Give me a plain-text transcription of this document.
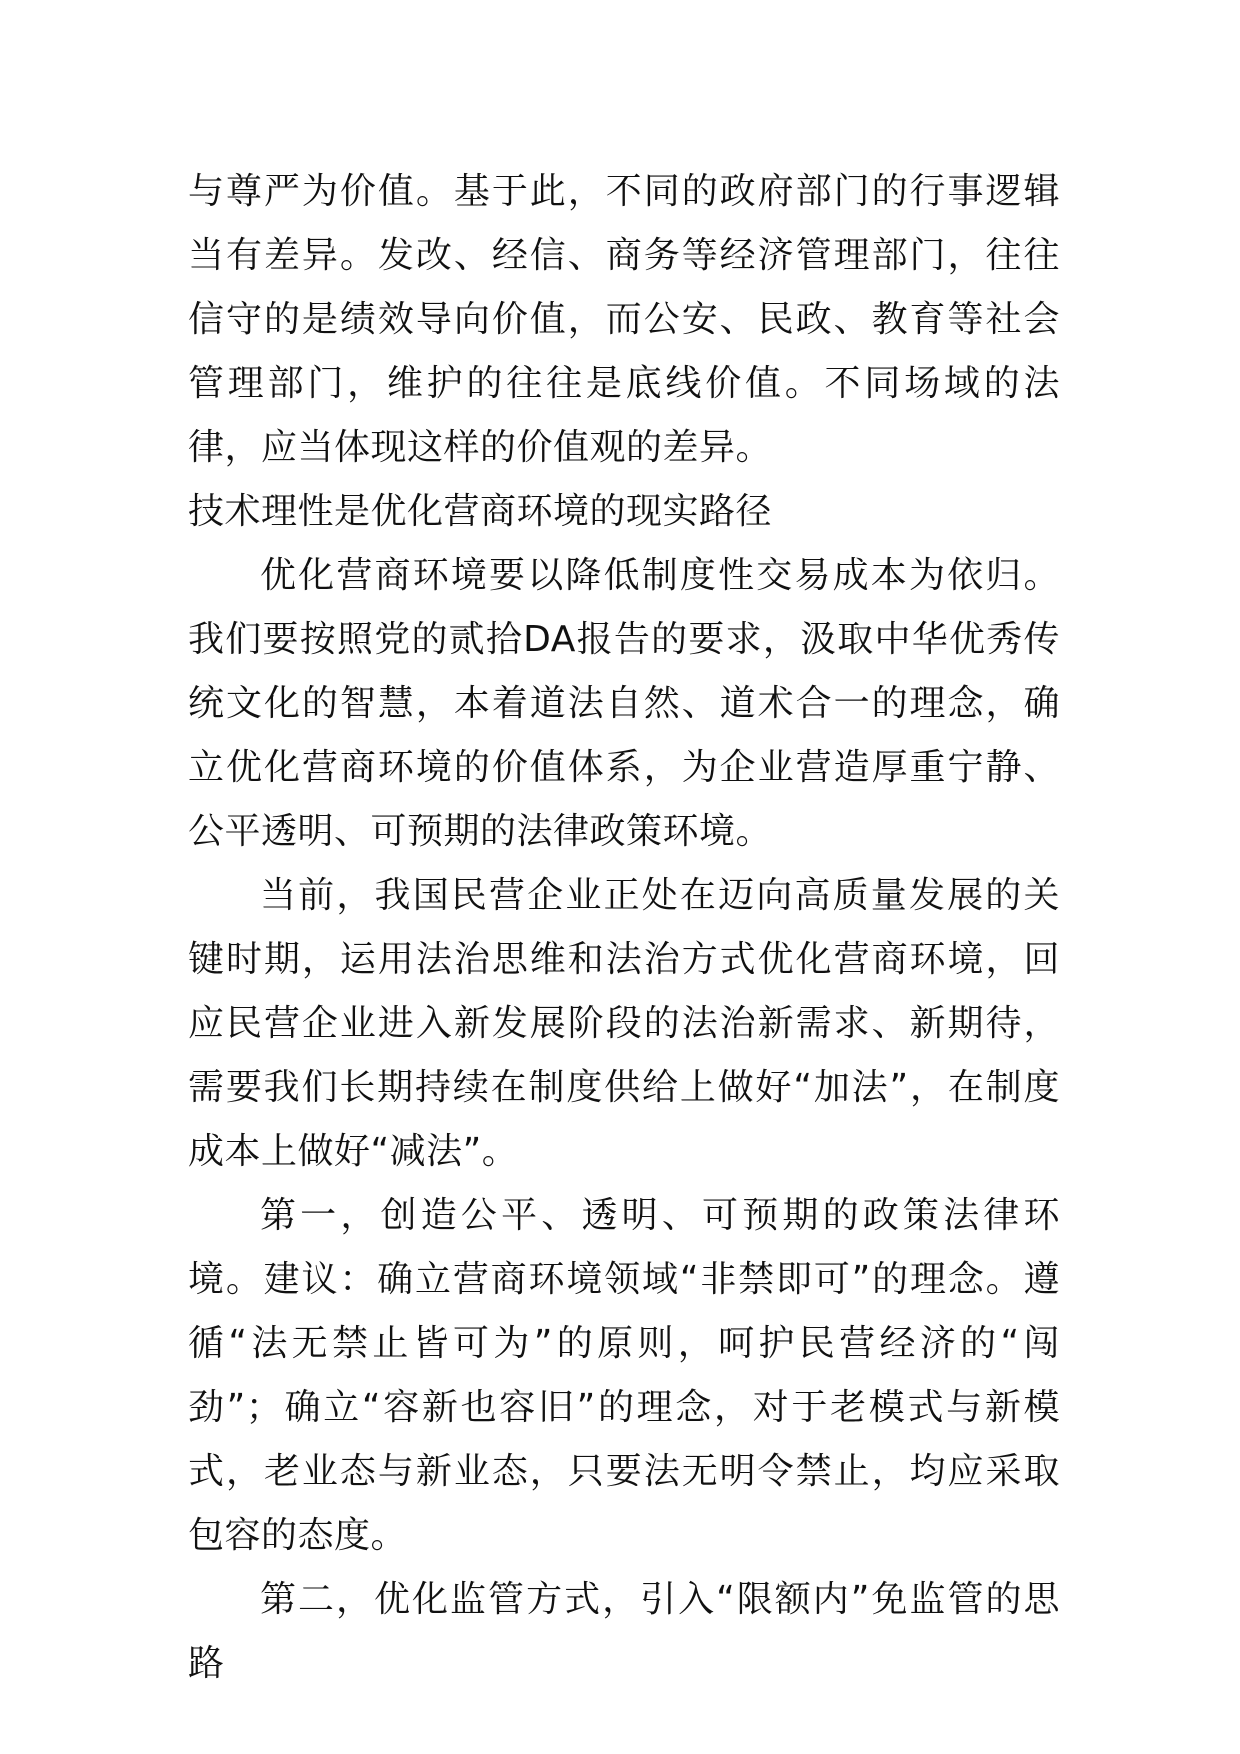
与尊严为价值。基于此，不同的政府部门的行事逻辑当有差异。发改、经信、商务等经济管理部门，往往信守的是绩效导向价值，而公安、民政、教育等社会管理部门，维护的往往是底线价值。不同场域的法律，应当体现这样的价值观的差异。

技术理性是优化营商环境的现实路径

优化营商环境要以降低制度性交易成本为依归。我们要按照党的贰拾DA报告的要求，汲取中华优秀传统文化的智慧，本着道法自然、道术合一的理念，确立优化营商环境的价值体系，为企业营造厚重宁静、公平透明、可预期的法律政策环境。

当前，我国民营企业正处在迈向高质量发展的关键时期，运用法治思维和法治方式优化营商环境，回应民营企业进入新发展阶段的法治新需求、新期待，需要我们长期持续在制度供给上做好“加法”，在制度成本上做好“减法”。

第一，创造公平、透明、可预期的政策法律环境。建议：确立营商环境领域“非禁即可”的理念。遵循“法无禁止皆可为”的原则，呵护民营经济的“闯劲”；确立“容新也容旧”的理念，对于老模式与新模式，老业态与新业态，只要法无明令禁止，均应采取包容的态度。

第二，优化监管方式，引入“限额内”免监管的思路
